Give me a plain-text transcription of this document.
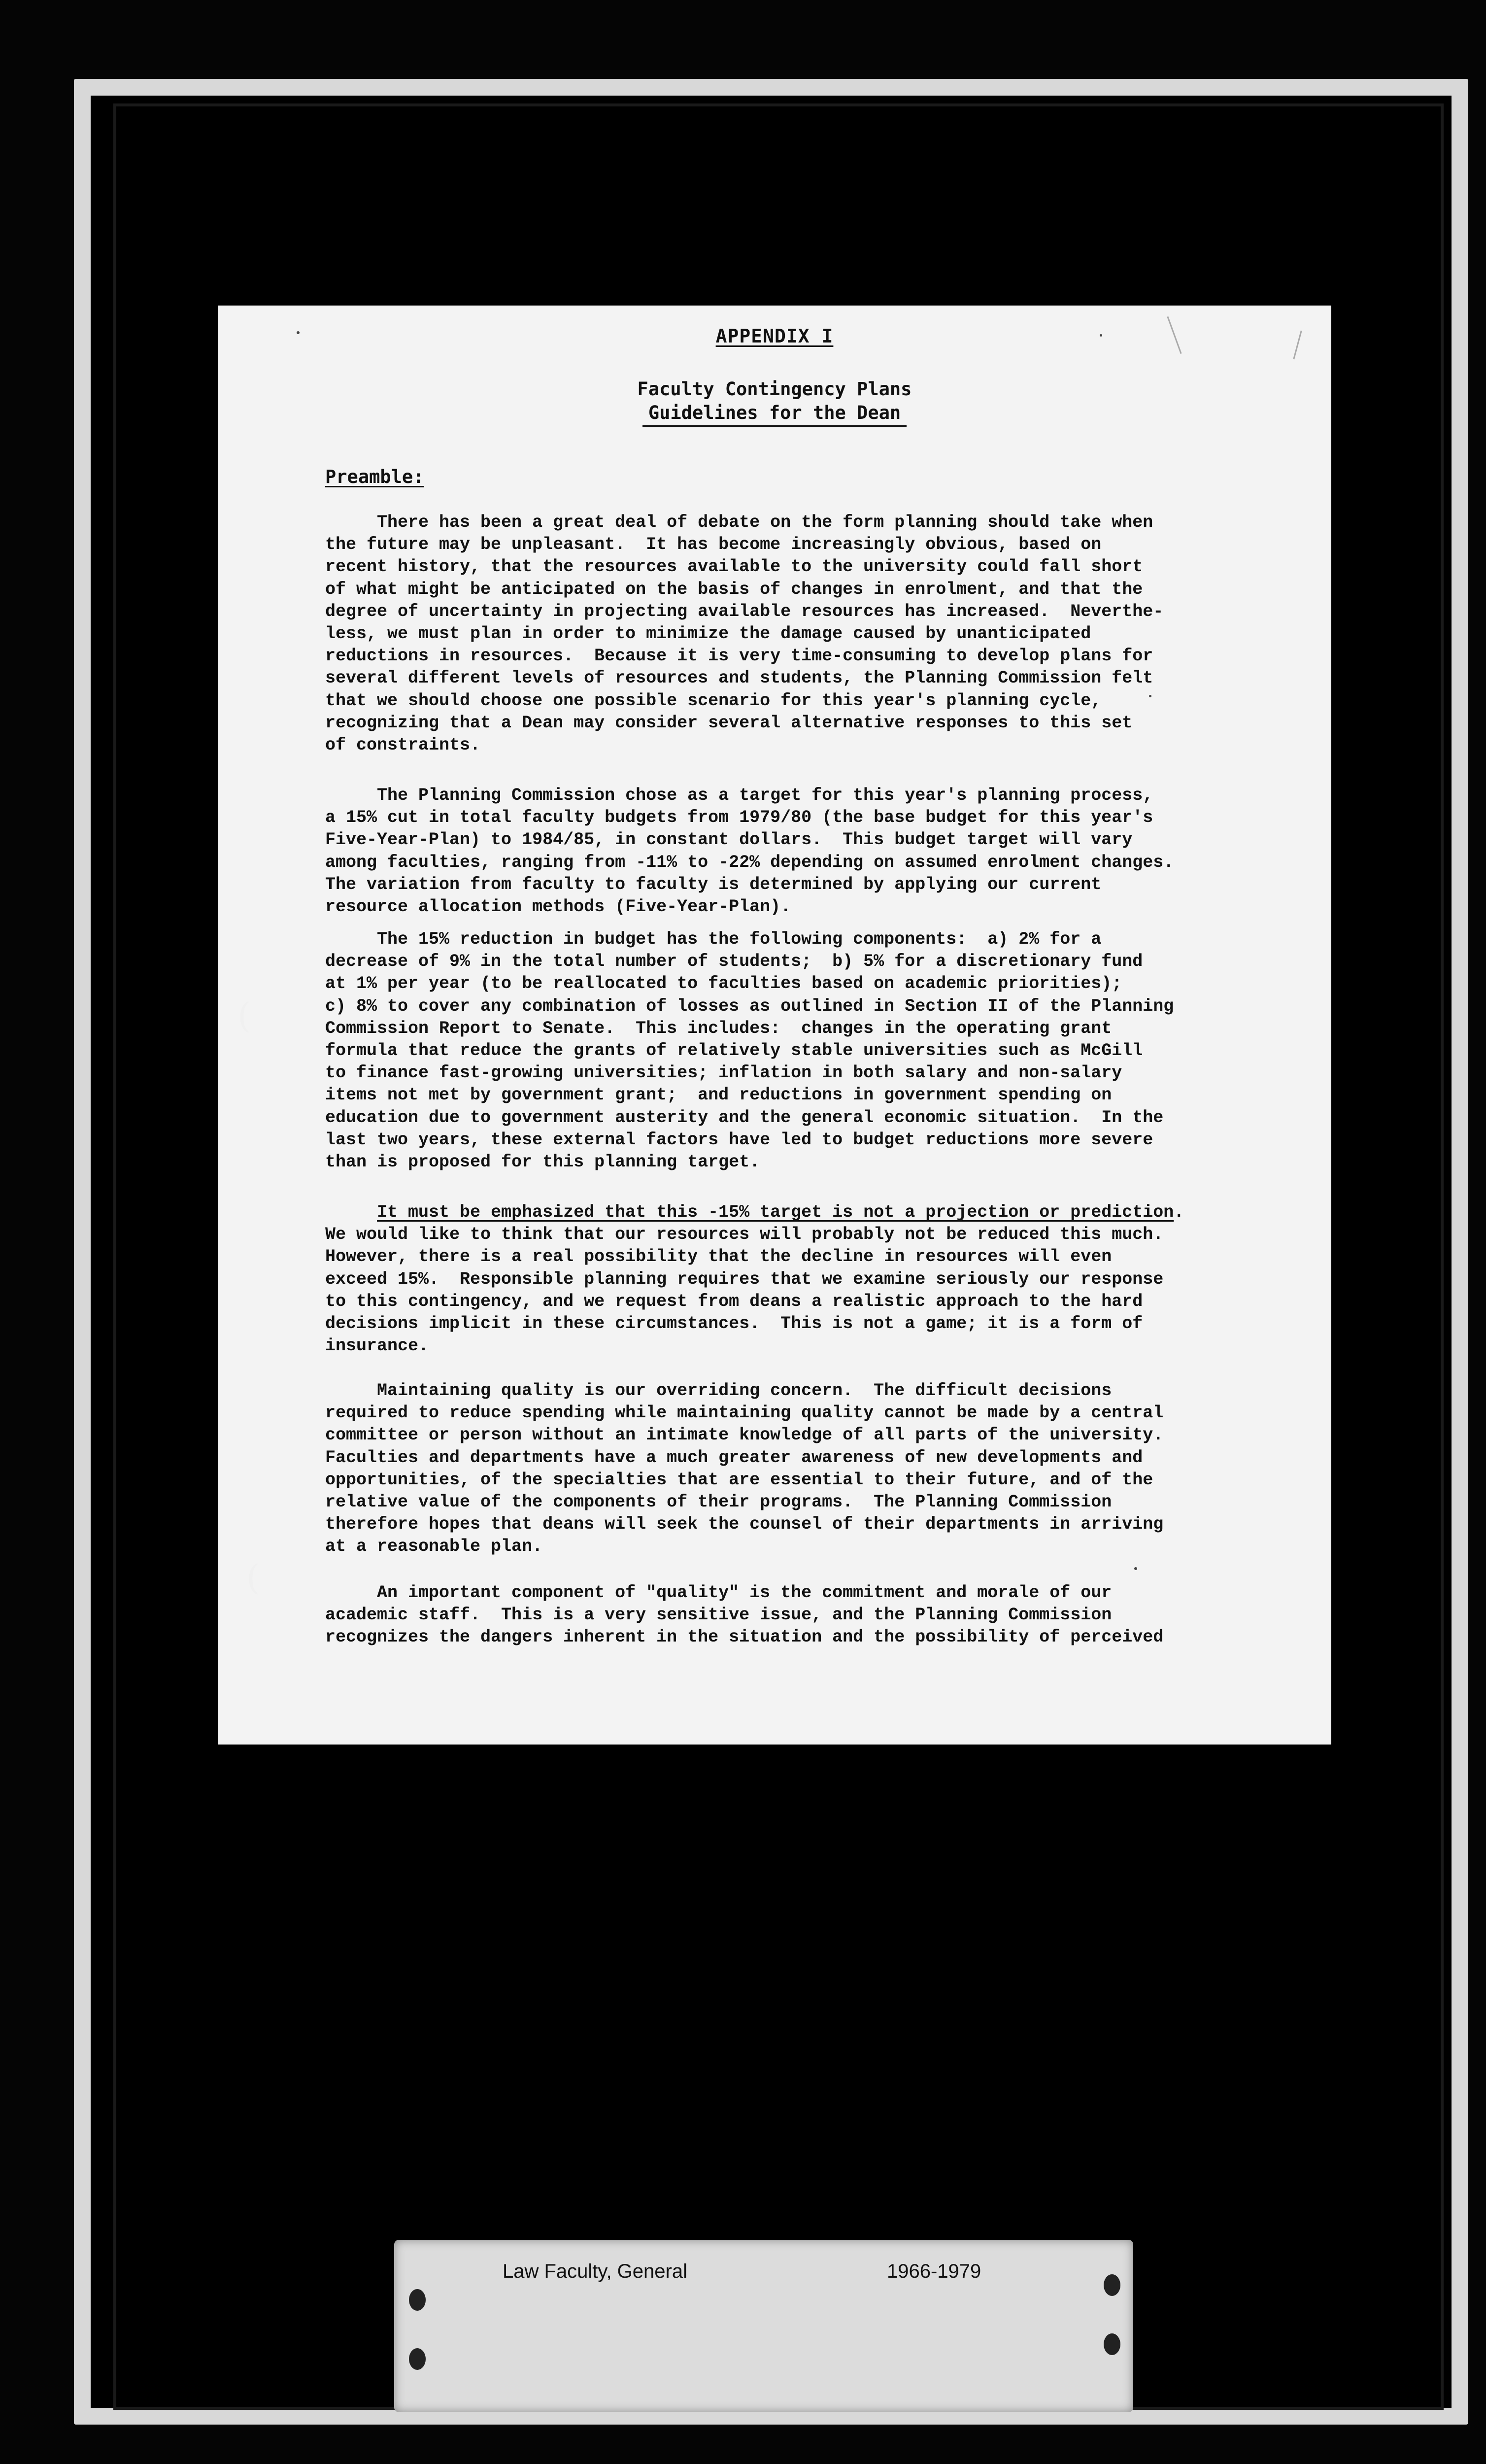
APPENDIX I
Faculty Contingency Plans
Guidelines for the Dean
Preamble:
There has been a great deal of debate on the form planning should take when
the future may be unpleasant.  It has become increasingly obvious, based on
recent history, that the resources available to the university could fall short
of what might be anticipated on the basis of changes in enrolment, and that the
degree of uncertainty in projecting available resources has increased.  Neverthe-
less, we must plan in order to minimize the damage caused by unanticipated
reductions in resources.  Because it is very time-consuming to develop plans for
several different levels of resources and students, the Planning Commission felt
that we should choose one possible scenario for this year's planning cycle,
recognizing that a Dean may consider several alternative responses to this set
of constraints.
The Planning Commission chose as a target for this year's planning process,
a 15% cut in total faculty budgets from 1979/80 (the base budget for this year's
Five-Year-Plan) to 1984/85, in constant dollars.  This budget target will vary
among faculties, ranging from -11% to -22% depending on assumed enrolment changes.
The variation from faculty to faculty is determined by applying our current
resource allocation methods (Five-Year-Plan).
The 15% reduction in budget has the following components:  a) 2% for a
decrease of 9% in the total number of students;  b) 5% for a discretionary fund
at 1% per year (to be reallocated to faculties based on academic priorities);
c) 8% to cover any combination of losses as outlined in Section II of the Planning
Commission Report to Senate.  This includes:  changes in the operating grant
formula that reduce the grants of relatively stable universities such as McGill
to finance fast-growing universities; inflation in both salary and non-salary
items not met by government grant;  and reductions in government spending on
education due to government austerity and the general economic situation.  In the
last two years, these external factors have led to budget reductions more severe
than is proposed for this planning target.
It must be emphasized that this -15% target is not a projection or prediction.
We would like to think that our resources will probably not be reduced this much.
However, there is a real possibility that the decline in resources will even
exceed 15%.  Responsible planning requires that we examine seriously our response
to this contingency, and we request from deans a realistic approach to the hard
decisions implicit in these circumstances.  This is not a game; it is a form of
insurance.
Maintaining quality is our overriding concern.  The difficult decisions
required to reduce spending while maintaining quality cannot be made by a central
committee or person without an intimate knowledge of all parts of the university.
Faculties and departments have a much greater awareness of new developments and
opportunities, of the specialties that are essential to their future, and of the
relative value of the components of their programs.  The Planning Commission
therefore hopes that deans will seek the counsel of their departments in arriving
at a reasonable plan.
An important component of "quality" is the commitment and morale of our
academic staff.  This is a very sensitive issue, and the Planning Commission
recognizes the dangers inherent in the situation and the possibility of perceived
(
(
Law Faculty, General	1966-1979
